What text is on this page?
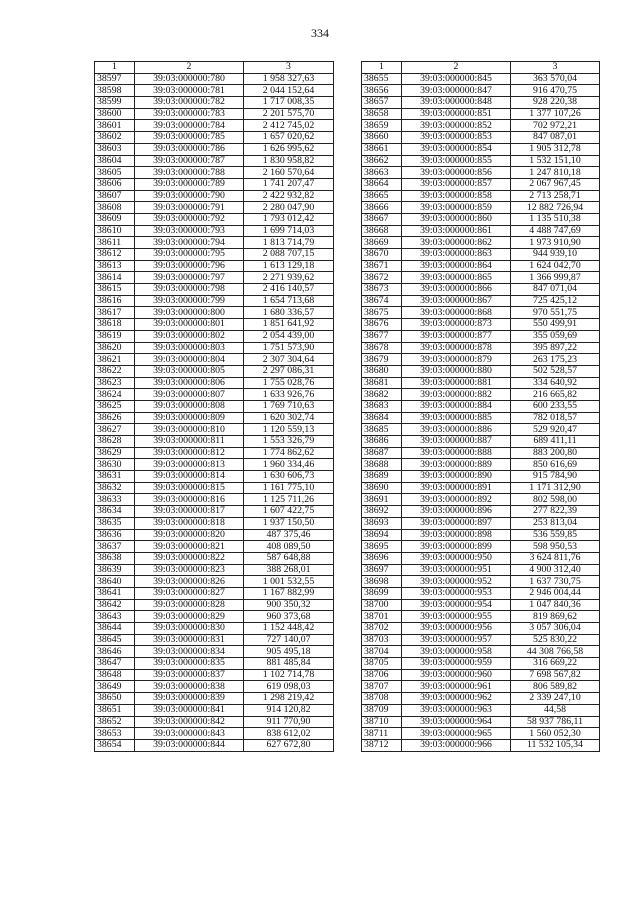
334
1	2	3
38597	39:03:000000:780	1 958 327,63
38598	39:03:000000:781	2 044 152,64
38599	39:03:000000:782	1 717 008,35
38600	39:03:000000:783	2 201 575,70
38601	39:03:000000:784	2 412 745,02
38602	39:03:000000:785	1 657 020,62
38603	39:03:000000:786	1 626 995,62
38604	39:03:000000:787	1 830 958,82
38605	39:03:000000:788	2 160 570,64
38606	39:03:000000:789	1 741 207,47
38607	39:03:000000:790	2 422 932,82
38608	39:03:000000:791	2 280 047,90
38609	39:03:000000:792	1 793 012,42
38610	39:03:000000:793	1 699 714,03
38611	39:03:000000:794	1 813 714,79
38612	39:03:000000:795	2 088 707,15
38613	39:03:000000:796	1 613 129,18
38614	39:03:000000:797	2 271 939,62
38615	39:03:000000:798	2 416 140,57
38616	39:03:000000:799	1 654 713,68
38617	39:03:000000:800	1 680 336,57
38618	39:03:000000:801	1 851 641,92
38619	39:03:000000:802	2 054 439,00
38620	39:03:000000:803	1 751 573,90
38621	39:03:000000:804	2 307 304,64
38622	39:03:000000:805	2 297 086,31
38623	39:03:000000:806	1 755 028,76
38624	39:03:000000:807	1 633 926,76
38625	39:03:000000:808	1 769 710,63
38626	39:03:000000:809	1 620 302,74
38627	39:03:000000:810	1 120 559,13
38628	39:03:000000:811	1 553 326,79
38629	39:03:000000:812	1 774 862,62
38630	39:03:000000:813	1 960 334,46
38631	39:03:000000:814	1 630 606,73
38632	39:03:000000:815	1 161 775,10
38633	39:03:000000:816	1 125 711,26
38634	39:03:000000:817	1 607 422,75
38635	39:03:000000:818	1 937 150,50
38636	39:03:000000:820	487 375,46
38637	39:03:000000:821	408 089,50
38638	39:03:000000:822	587 648,88
38639	39:03:000000:823	388 268,01
38640	39:03:000000:826	1 001 532,55
38641	39:03:000000:827	1 167 882,99
38642	39:03:000000:828	900 350,32
38643	39:03:000000:829	960 373,68
38644	39:03:000000:830	1 152 448,42
38645	39:03:000000:831	727 140,07
38646	39:03:000000:834	905 495,18
38647	39:03:000000:835	881 485,84
38648	39:03:000000:837	1 102 714,78
38649	39:03:000000:838	619 098,03
38650	39:03:000000:839	1 298 219,42
38651	39:03:000000:841	914 120,82
38652	39:03:000000:842	911 770,90
38653	39:03:000000:843	838 612,02
38654	39:03:000000:844	627 672,80
1	2	3
38655	39:03:000000:845	363 570,04
38656	39:03:000000:847	916 470,75
38657	39:03:000000:848	928 220,38
38658	39:03:000000:851	1 377 107,26
38659	39:03:000000:852	702 972,21
38660	39:03:000000:853	847 087,01
38661	39:03:000000:854	1 905 312,78
38662	39:03:000000:855	1 532 151,10
38663	39:03:000000:856	1 247 810,18
38664	39:03:000000:857	2 067 967,45
38665	39:03:000000:858	2 713 258,71
38666	39:03:000000:859	12 882 726,94
38667	39:03:000000:860	1 135 510,38
38668	39:03:000000:861	4 488 747,69
38669	39:03:000000:862	1 973 910,90
38670	39:03:000000:863	944 939,10
38671	39:03:000000:864	1 624 042,70
38672	39:03:000000:865	1 366 999,87
38673	39:03:000000:866	847 071,04
38674	39:03:000000:867	725 425,12
38675	39:03:000000:868	970 551,75
38676	39:03:000000:873	550 499,91
38677	39:03:000000:877	355 059,69
38678	39:03:000000:878	395 897,22
38679	39:03:000000:879	263 175,23
38680	39:03:000000:880	502 528,57
38681	39:03:000000:881	334 640,92
38682	39:03:000000:882	216 665,82
38683	39:03:000000:884	600 233,55
38684	39:03:000000:885	782 018,57
38685	39:03:000000:886	529 920,47
38686	39:03:000000:887	689 411,11
38687	39:03:000000:888	883 200,80
38688	39:03:000000:889	850 616,69
38689	39:03:000000:890	915 784,90
38690	39:03:000000:891	1 171 312,90
38691	39:03:000000:892	802 598,00
38692	39:03:000000:896	277 822,39
38693	39:03:000000:897	253 813,04
38694	39:03:000000:898	536 559,85
38695	39:03:000000:899	598 950,53
38696	39:03:000000:950	3 624 811,76
38697	39:03:000000:951	4 900 312,40
38698	39:03:000000:952	1 637 730,75
38699	39:03:000000:953	2 946 004,44
38700	39:03:000000:954	1 047 840,36
38701	39:03:000000:955	819 869,62
38702	39:03:000000:956	3 057 306,04
38703	39:03:000000:957	525 830,22
38704	39:03:000000:958	44 308 766,58
38705	39:03:000000:959	316 669,22
38706	39:03:000000:960	7 698 567,82
38707	39:03:000000:961	806 589,82
38708	39:03:000000:962	2 339 247,10
38709	39:03:000000:963	44,58
38710	39:03:000000:964	58 937 786,11
38711	39:03:000000:965	1 560 052,30
38712	39:03:000000:966	11 532 105,34
